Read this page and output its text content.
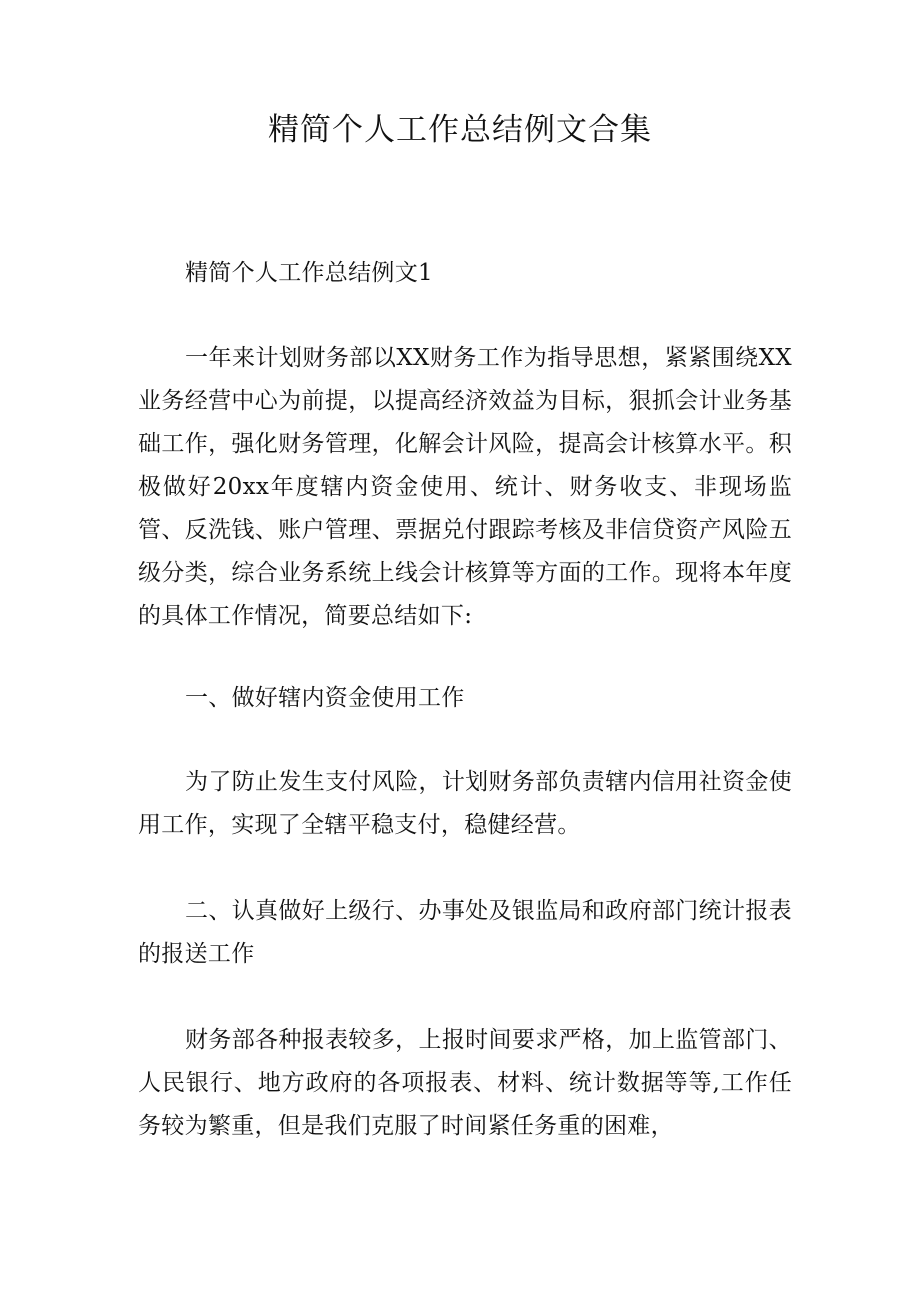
精简个人工作总结例文合集

精简个人工作总结例文1

一年来计划财务部以XX财务工作为指导思想，紧紧围绕XX业务经营中心为前提，以提高经济效益为目标，狠抓会计业务基础工作，强化财务管理，化解会计风险，提高会计核算水平。积极做好20xx年度辖内资金使用、统计、财务收支、非现场监管、反洗钱、账户管理、票据兑付跟踪考核及非信贷资产风险五级分类，综合业务系统上线会计核算等方面的工作。现将本年度的具体工作情况，简要总结如下:

一、做好辖内资金使用工作

为了防止发生支付风险，计划财务部负责辖内信用社资金使用工作，实现了全辖平稳支付，稳健经营。

二、认真做好上级行、办事处及银监局和政府部门统计报表的报送工作

财务部各种报表较多，上报时间要求严格，加上监管部门、人民银行、地方政府的各项报表、材料、统计数据等等,工作任务较为繁重，但是我们克服了时间紧任务重的困难，
